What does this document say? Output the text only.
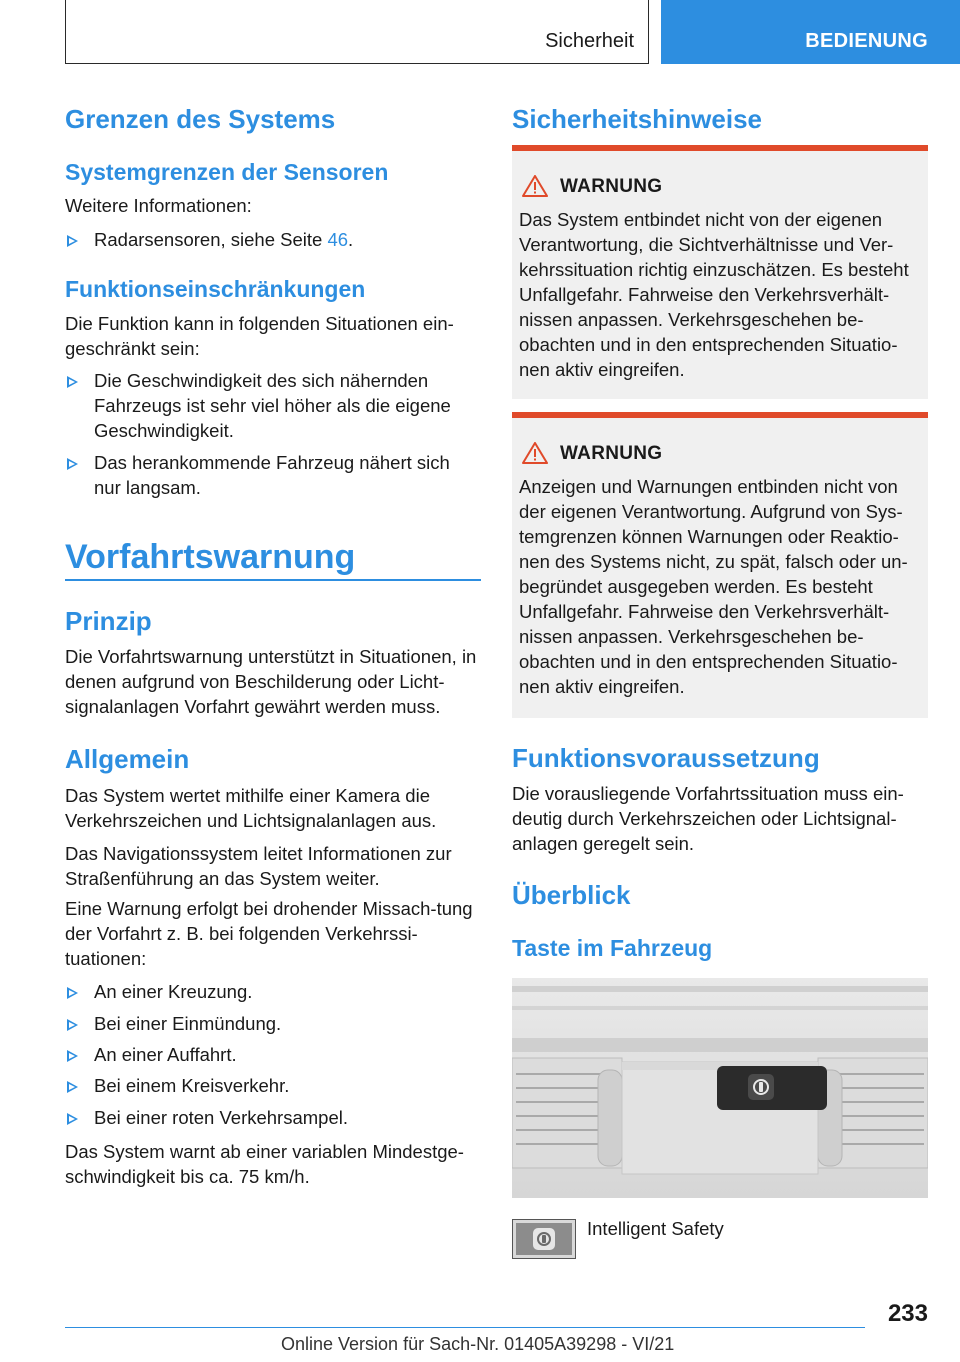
Sicherheit	BEDIENUNG
Grenzen des Systems
Systemgrenzen der Sensoren
Weitere Informationen:
Radarsensoren, siehe Seite 46.
Funktionseinschränkungen
Die Funktion kann in folgenden Situationen ein-geschränkt sein:
Die Geschwindigkeit des sich nähernden Fahrzeugs ist sehr viel höher als die eigene Geschwindigkeit.
Das herankommende Fahrzeug nähert sich nur langsam.
Vorfahrtswarnung
Prinzip
Die Vorfahrtswarnung unterstützt in Situationen, in denen aufgrund von Beschilderung oder Licht-signalanlagen Vorfahrt gewährt werden muss.
Allgemein
Das System wertet mithilfe einer Kamera die Verkehrszeichen und Lichtsignalanlagen aus.
Das Navigationssystem leitet Informationen zur Straßenführung an das System weiter.
Eine Warnung erfolgt bei drohender Missach-tung der Vorfahrt z. B. bei folgenden Verkehrssi-tuationen:
An einer Kreuzung.
Bei einer Einmündung.
An einer Auffahrt.
Bei einem Kreisverkehr.
Bei einer roten Verkehrsampel.
Das System warnt ab einer variablen Mindestge-schwindigkeit bis ca. 75 km/h.
Sicherheitshinweise
WARNUNG
Das System entbindet nicht von der eigenen Verantwortung, die Sichtverhältnisse und Ver-kehrssituation richtig einzuschätzen. Es besteht Unfallgefahr. Fahrweise den Verkehrsverhält-nissen anpassen. Verkehrsgeschehen be-obachten und in den entsprechenden Situatio-nen aktiv eingreifen.
WARNUNG
Anzeigen und Warnungen entbinden nicht von der eigenen Verantwortung. Aufgrund von Sys-temgrenzen können Warnungen oder Reaktio-nen des Systems nicht, zu spät, falsch oder un-begründet ausgegeben werden. Es besteht Unfallgefahr. Fahrweise den Verkehrsverhält-nissen anpassen. Verkehrsgeschehen be-obachten und in den entsprechenden Situatio-nen aktiv eingreifen.
Funktionsvoraussetzung
Die vorausliegende Vorfahrtssituation muss ein-deutig durch Verkehrszeichen oder Lichtsignal-anlagen geregelt sein.
Überblick
Taste im Fahrzeug
Intelligent Safety
233
Online Version für Sach-Nr. 01405A39298 - VI/21
